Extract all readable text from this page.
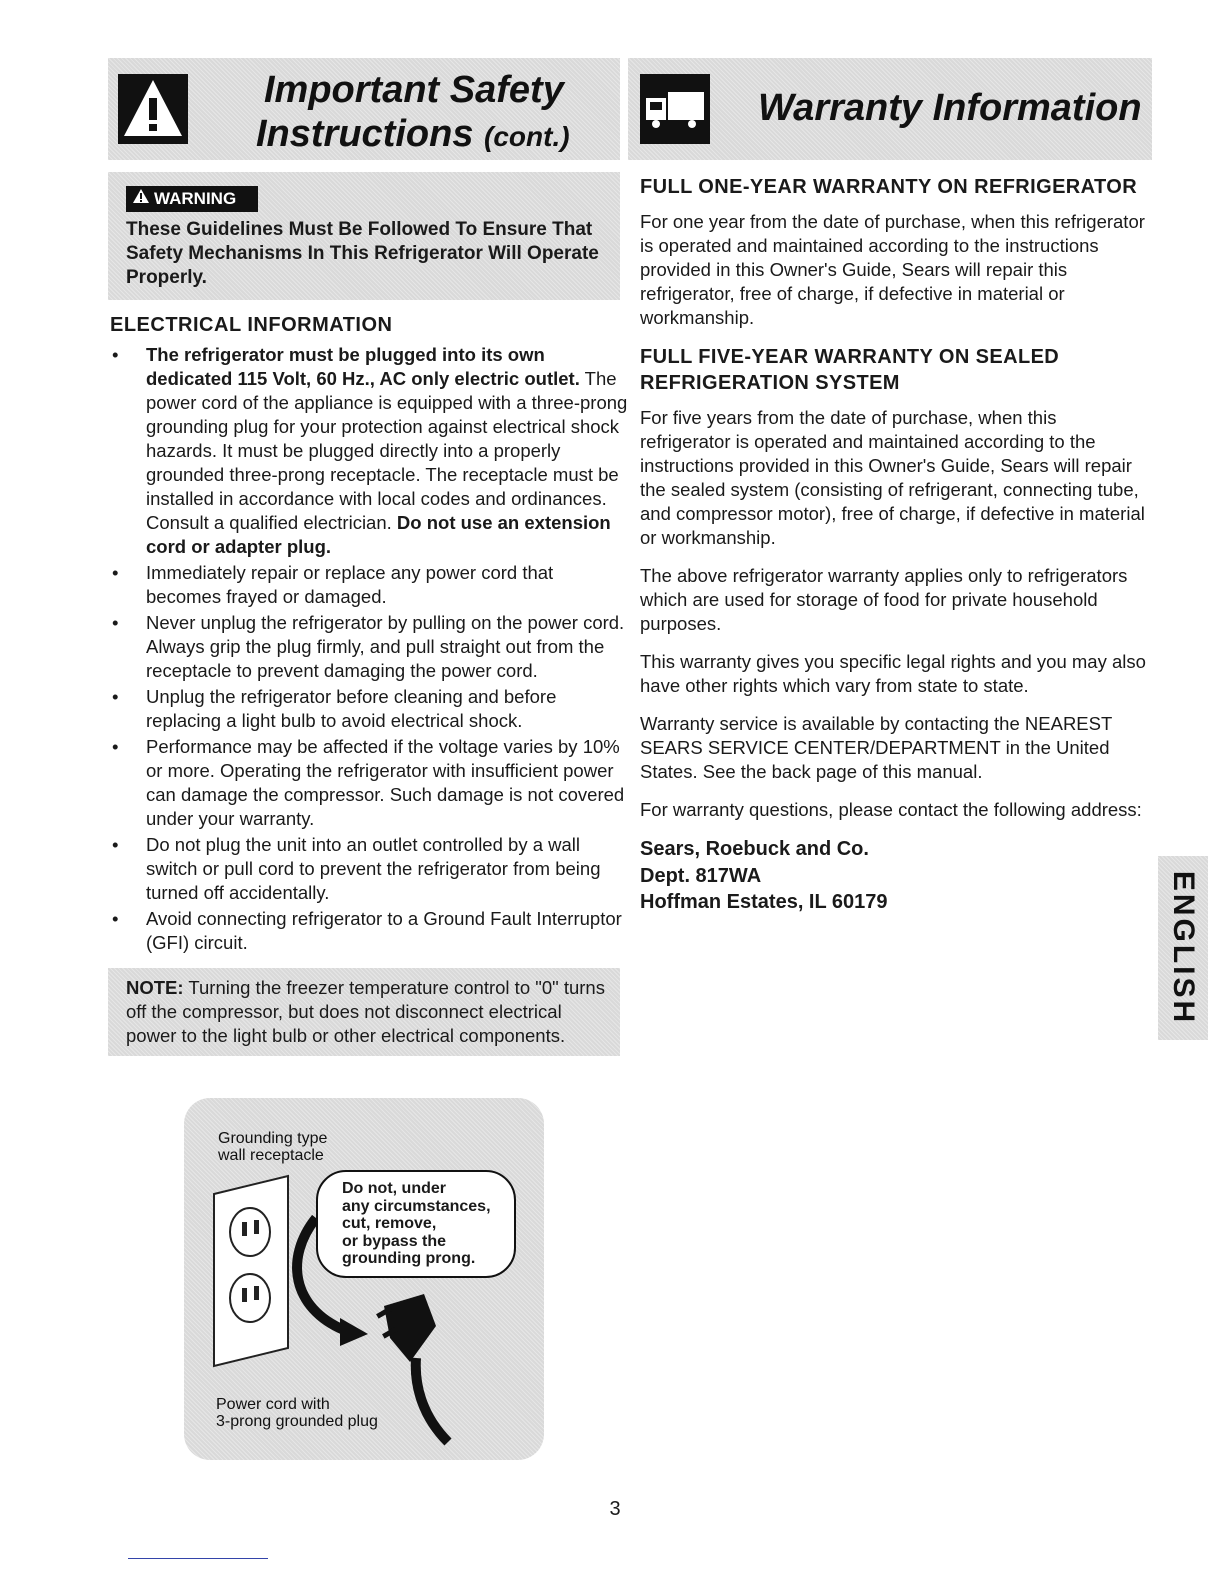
Important Safety
Instructions (cont.)
Warranty Information
WARNING
These Guidelines Must Be Followed To Ensure That Safety Mechanisms In This Refrigerator Will Operate Properly.
ELECTRICAL INFORMATION
• The refrigerator must be plugged into its own dedicated 115 Volt, 60 Hz., AC only electric outlet. The power cord of the appliance is equipped with a three-prong grounding plug for your protection against electrical shock hazards. It must be plugged directly into a properly grounded three-prong receptacle. The receptacle must be installed in accordance with local codes and ordinances. Consult a qualified electrician. Do not use an extension cord or adapter plug.
• Immediately repair or replace any power cord that becomes frayed or damaged.
• Never unplug the refrigerator by pulling on the power cord. Always grip the plug firmly, and pull straight out from the receptacle to prevent damaging the power cord.
• Unplug the refrigerator before cleaning and before replacing a light bulb to avoid electrical shock.
• Performance may be affected if the voltage varies by 10% or more. Operating the refrigerator with insufficient power can damage the compressor. Such damage is not covered under your warranty.
• Do not plug the unit into an outlet controlled by a wall switch or pull cord to prevent the refrigerator from being turned off accidentally.
• Avoid connecting refrigerator to a Ground Fault Interruptor (GFI) circuit.
NOTE: Turning the freezer temperature control to "0" turns off the compressor, but does not disconnect electrical power to the light bulb or other electrical components.
Grounding type
wall receptacle
Do not, under
any circumstances,
cut, remove,
or bypass the
grounding prong.
Power cord with
3-prong grounded plug
FULL ONE-YEAR WARRANTY ON REFRIGERATOR

For one year from the date of purchase, when this refrigerator is operated and maintained according to the instructions provided in this Owner's Guide, Sears will repair this refrigerator, free of charge, if defective in material or workmanship.

FULL FIVE-YEAR WARRANTY ON SEALED REFRIGERATION SYSTEM

For five years from the date of purchase, when this refrigerator is operated and maintained according to the instructions provided in this Owner's Guide, Sears will repair the sealed system (consisting of refrigerant, connecting tube, and compressor motor), free of charge, if defective in material or workmanship.

The above refrigerator warranty applies only to refrigerators which are used for storage of food for private household purposes.

This warranty gives you specific legal rights and you may also have other rights which vary from state to state.

Warranty service is available by contacting the NEAREST SEARS SERVICE CENTER/DEPARTMENT in the United States. See the back page of this manual.

For warranty questions, please contact the following address:

Sears, Roebuck and Co.
Dept. 817WA
Hoffman Estates, IL 60179	ENGLISH
3
